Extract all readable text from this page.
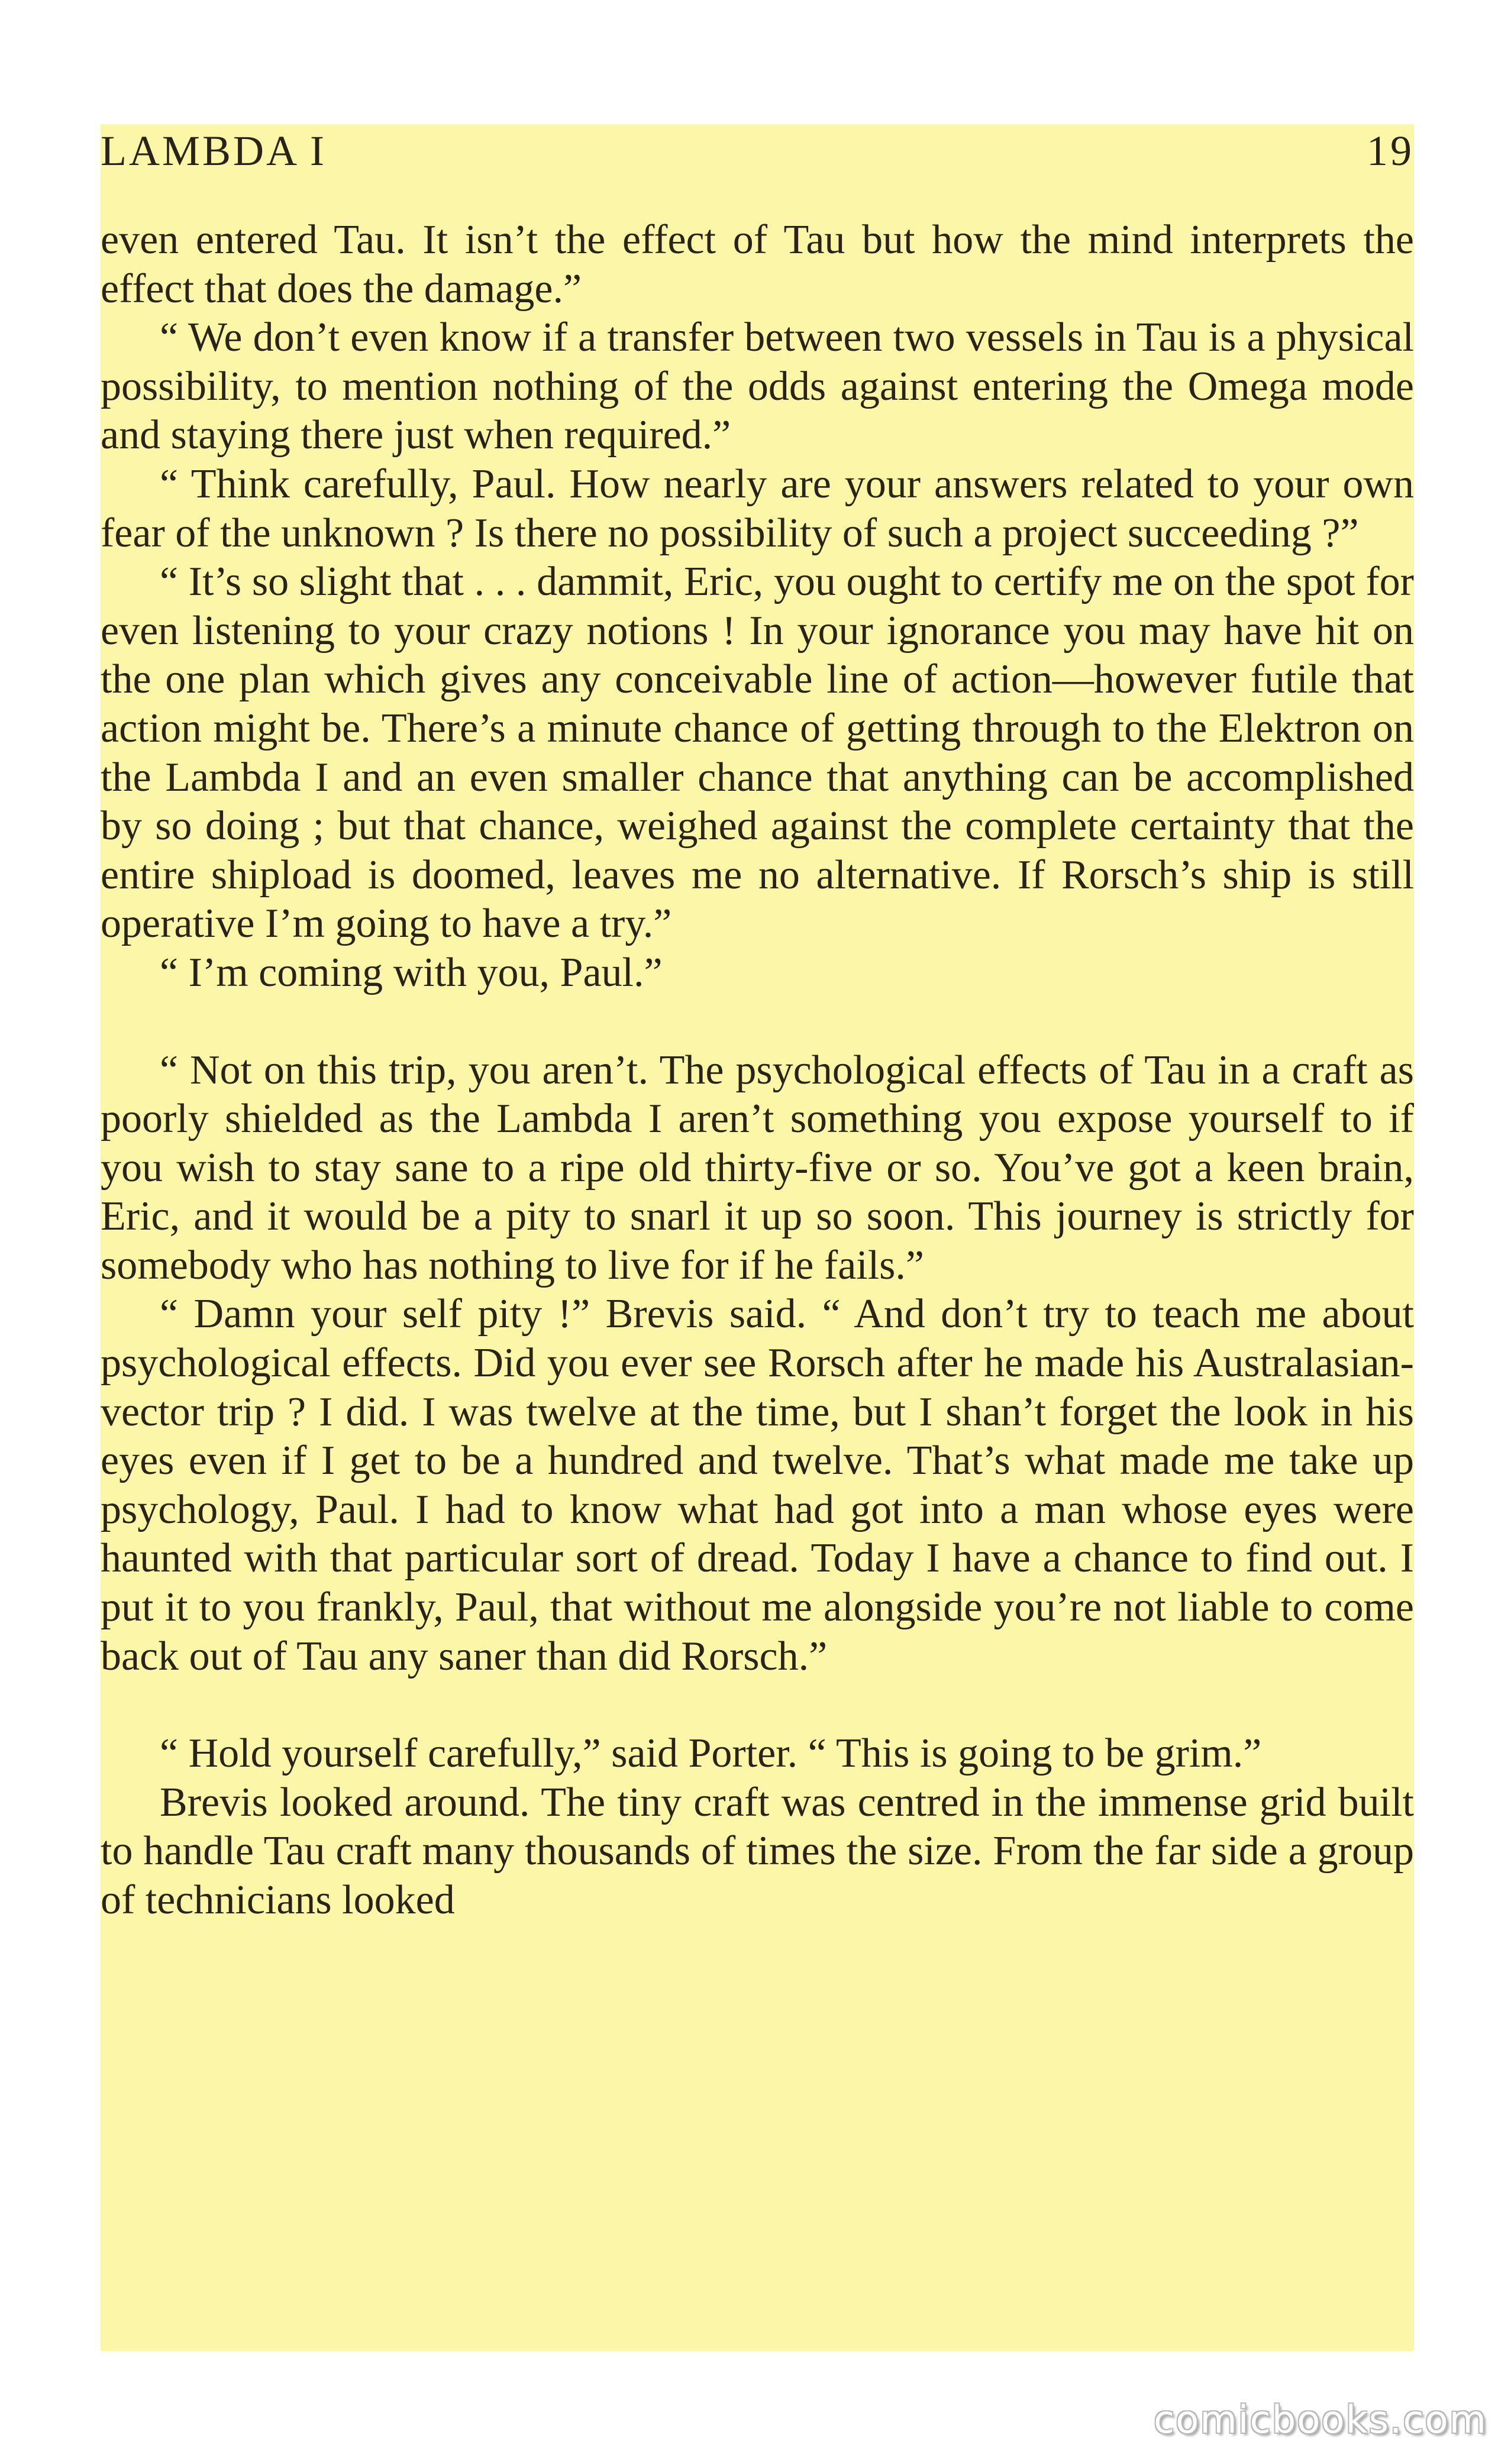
LAMBDA I	19

even entered Tau. It isn’t the effect of Tau but how the mind interprets the effect that does the damage.”

“ We don’t even know if a transfer between two vessels in Tau is a physical possibility, to mention nothing of the odds against entering the Omega mode and staying there just when required.”

“ Think carefully, Paul. How nearly are your answers related to your own fear of the unknown ? Is there no possibility of such a project succeeding ?”

“ It’s so slight that . . . dammit, Eric, you ought to certify me on the spot for even listening to your crazy notions ! In your ignorance you may have hit on the one plan which gives any conceivable line of action—however futile that action might be. There’s a minute chance of getting through to the Elektron on the Lambda I and an even smaller chance that anything can be accomplished by so doing ; but that chance, weighed against the complete certainty that the entire shipload is doomed, leaves me no alternative. If Rorsch’s ship is still operative I’m going to have a try.”

“ I’m coming with you, Paul.”

“ Not on this trip, you aren’t. The psychological effects of Tau in a craft as poorly shielded as the Lambda I aren’t something you expose yourself to if you wish to stay sane to a ripe old thirty-five or so. You’ve got a keen brain, Eric, and it would be a pity to snarl it up so soon. This journey is strictly for somebody who has nothing to live for if he fails.”

“ Damn your self pity !” Brevis said. “ And don’t try to teach me about psychological effects. Did you ever see Rorsch after he made his Australasian-vector trip ? I did. I was twelve at the time, but I shan’t forget the look in his eyes even if I get to be a hundred and twelve. That’s what made me take up psychology, Paul. I had to know what had got into a man whose eyes were haunted with that particular sort of dread. Today I have a chance to find out. I put it to you frankly, Paul, that without me alongside you’re not liable to come back out of Tau any saner than did Rorsch.”

“ Hold yourself carefully,” said Porter. “ This is going to be grim.”

Brevis looked around. The tiny craft was centred in the immense grid built to handle Tau craft many thousands of times the size. From the far side a group of technicians looked

comicbooks.com
